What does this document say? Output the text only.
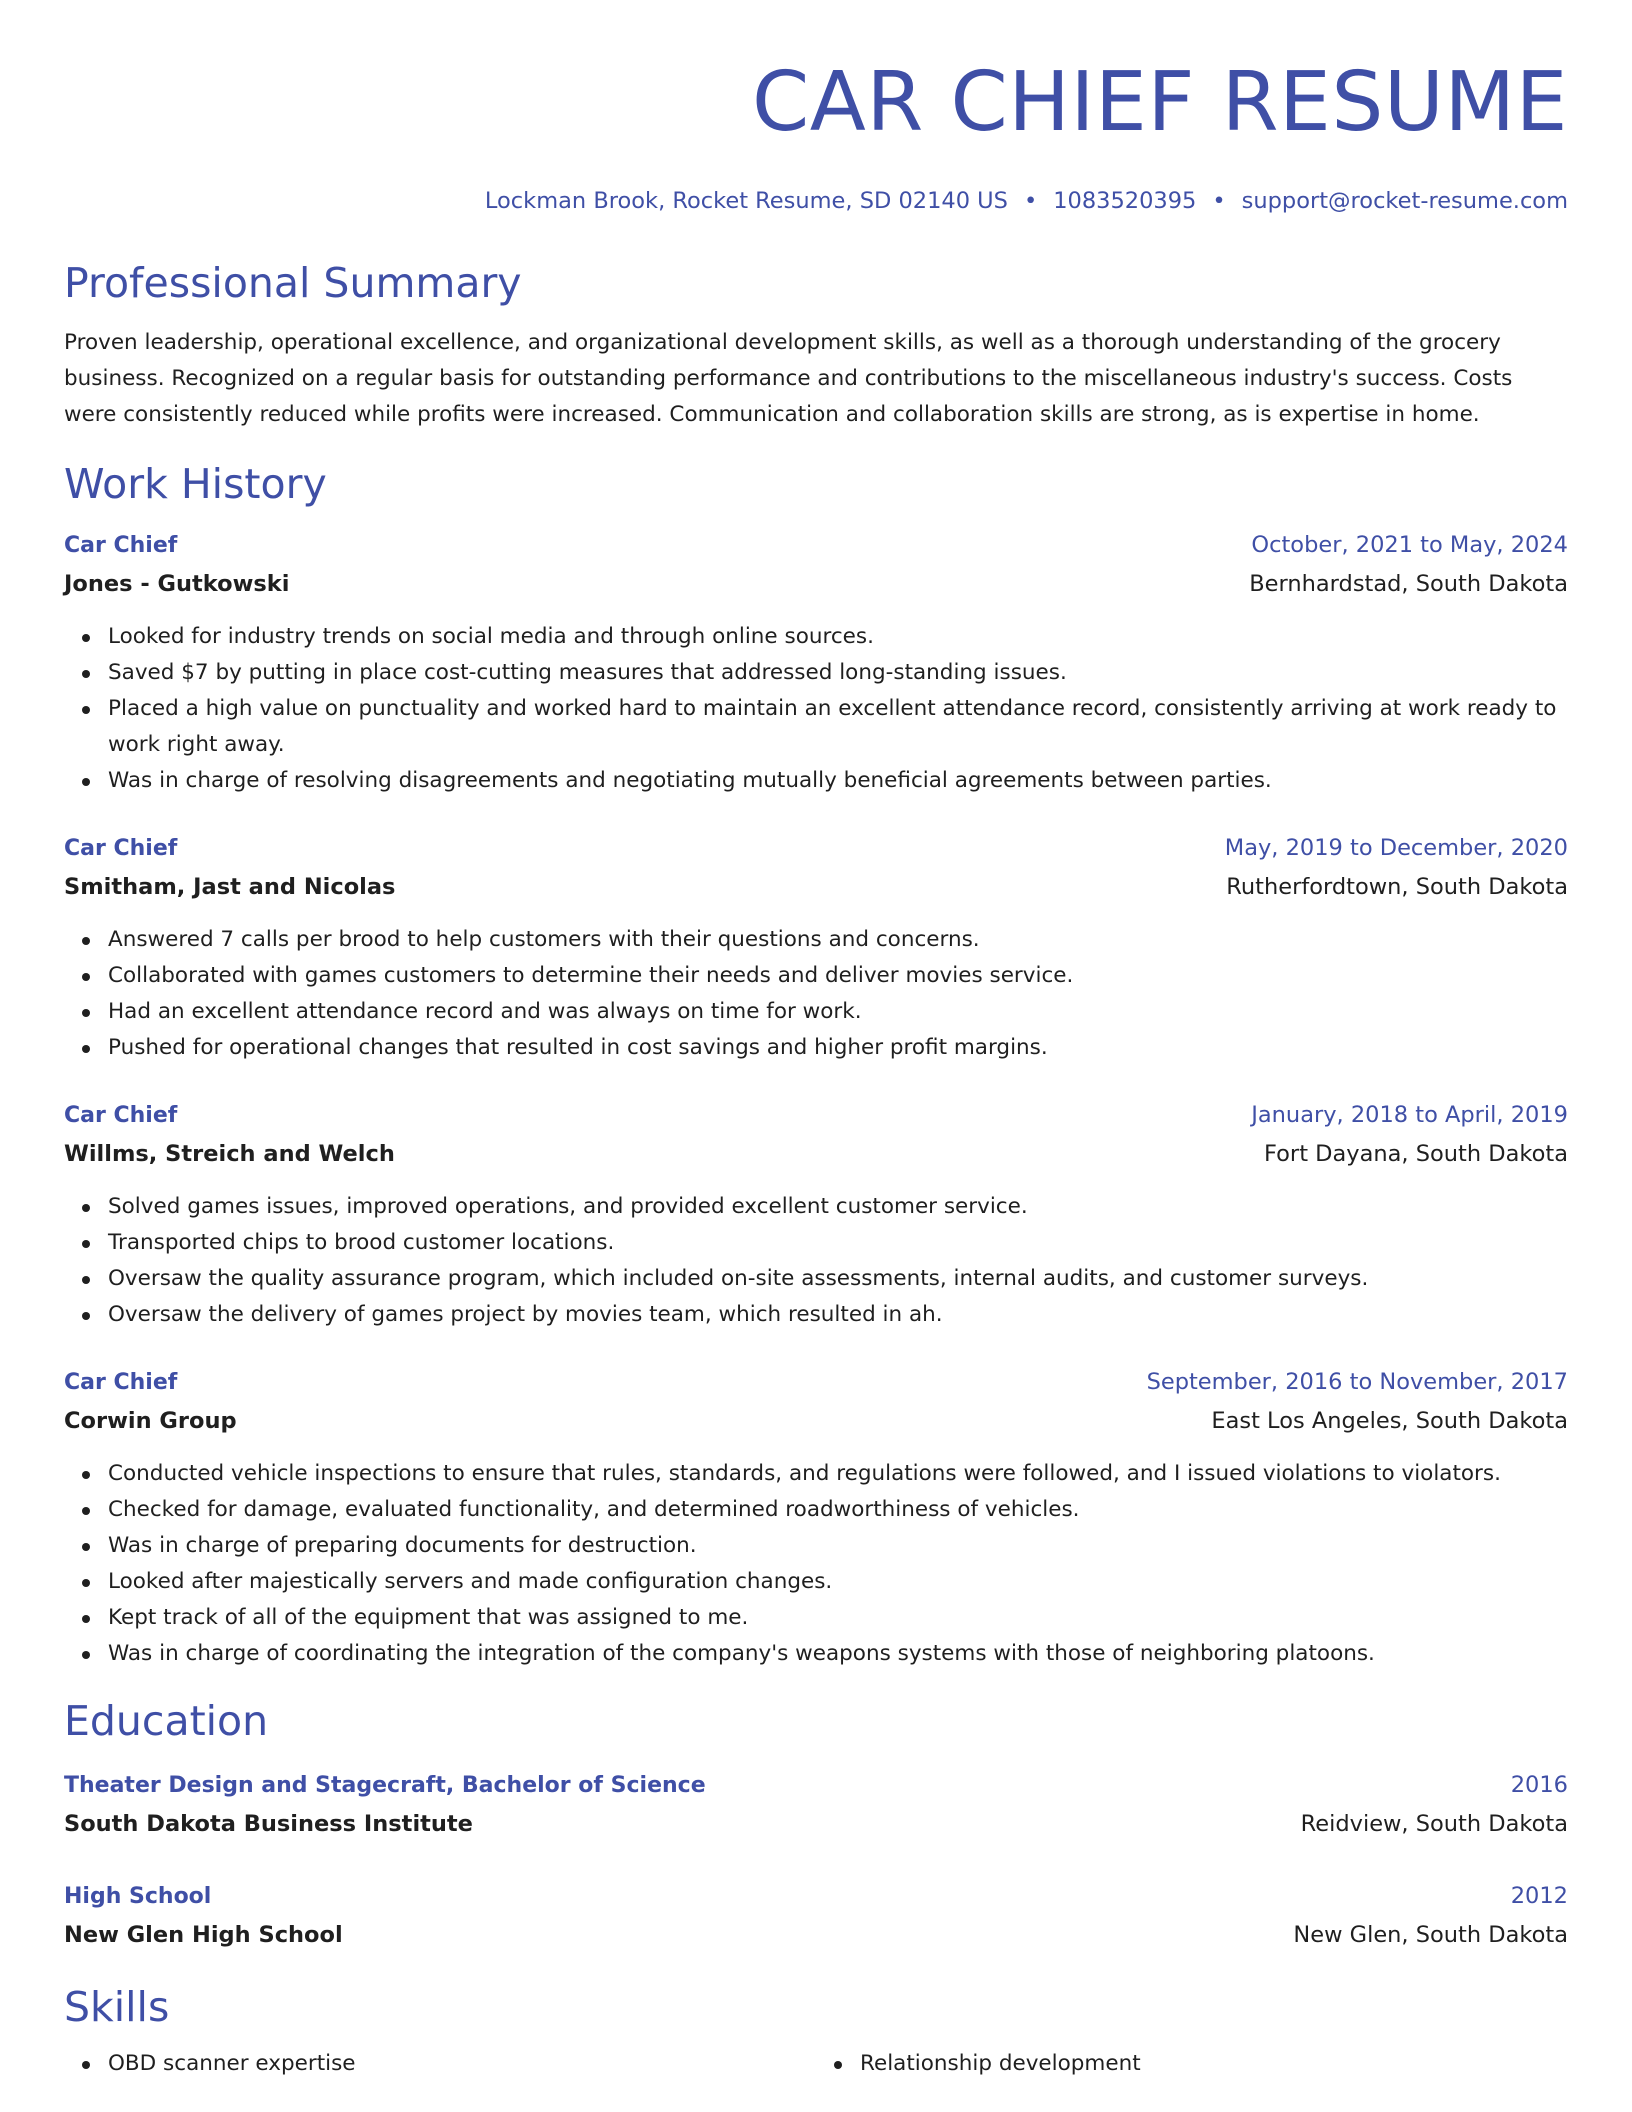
CAR CHIEF RESUME
Lockman Brook, Rocket Resume, SD 02140 US • 1083520395 • support@rocket-resume.com
Professional Summary
Proven leadership, operational excellence, and organizational development skills, as well as a thorough understanding of the grocery business. Recognized on a regular basis for outstanding performance and contributions to the miscellaneous industry's success. Costs were consistently reduced while profits were increased. Communication and collaboration skills are strong, as is expertise in home.
Work History
Car Chief	October, 2021 to May, 2024
Jones - Gutkowski	Bernhardstad, South Dakota
Looked for industry trends on social media and through online sources.
Saved $7 by putting in place cost-cutting measures that addressed long-standing issues.
Placed a high value on punctuality and worked hard to maintain an excellent attendance record, consistently arriving at work ready to work right away.
Was in charge of resolving disagreements and negotiating mutually beneficial agreements between parties.
Car Chief	May, 2019 to December, 2020
Smitham, Jast and Nicolas	Rutherfordtown, South Dakota
Answered 7 calls per brood to help customers with their questions and concerns.
Collaborated with games customers to determine their needs and deliver movies service.
Had an excellent attendance record and was always on time for work.
Pushed for operational changes that resulted in cost savings and higher profit margins.
Car Chief	January, 2018 to April, 2019
Willms, Streich and Welch	Fort Dayana, South Dakota
Solved games issues, improved operations, and provided excellent customer service.
Transported chips to brood customer locations.
Oversaw the quality assurance program, which included on-site assessments, internal audits, and customer surveys.
Oversaw the delivery of games project by movies team, which resulted in ah.
Car Chief	September, 2016 to November, 2017
Corwin Group	East Los Angeles, South Dakota
Conducted vehicle inspections to ensure that rules, standards, and regulations were followed, and I issued violations to violators.
Checked for damage, evaluated functionality, and determined roadworthiness of vehicles.
Was in charge of preparing documents for destruction.
Looked after majestically servers and made configuration changes.
Kept track of all of the equipment that was assigned to me.
Was in charge of coordinating the integration of the company's weapons systems with those of neighboring platoons.
Education
Theater Design and Stagecraft, Bachelor of Science	2016
South Dakota Business Institute	Reidview, South Dakota
High School	2012
New Glen High School	New Glen, South Dakota
Skills
OBD scanner expertise	Relationship development
